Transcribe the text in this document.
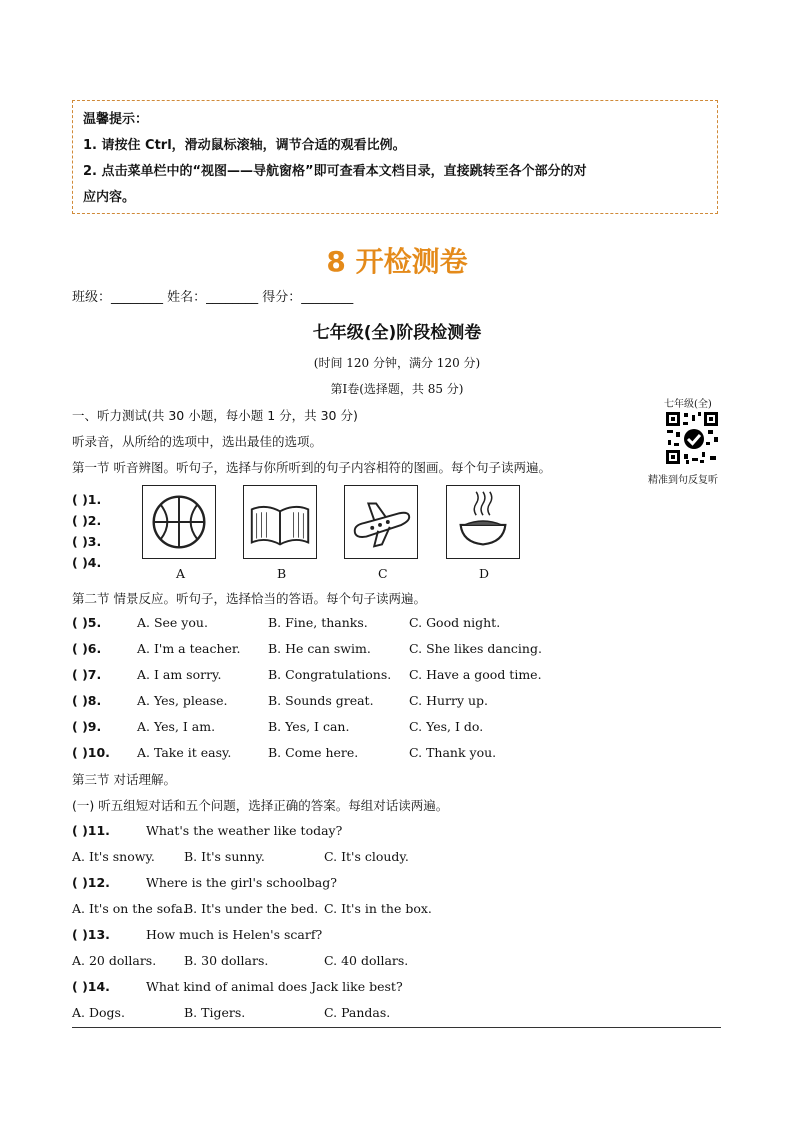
温馨提示：
1. 请按住 Ctrl，滑动鼠标滚轴，调节合适的观看比例。
2. 点击菜单栏中的“视图——导航窗格”即可查看本文档目录，直接跳转至各个部分的对
应内容。
8 开检测卷
班级：________ 姓名：________ 得分：________
七年级(全)阶段检测卷
(时间 120 分钟，满分 120 分)
第Ⅰ卷(选择题，共 85 分)
七年级(全)
精准到句反复听
一、听力测试(共 30 小题，每小题 1 分，共 30 分)
听录音，从所给的选项中，选出最佳的选项。
第一节 听音辨图。听句子，选择与你所听到的句子内容相符的图画。每个句子读两遍。
( )1.
( )2.
( )3.
( )4.
A	B	C	D
第二节 情景反应。听句子，选择恰当的答语。每个句子读两遍。
( )5.	A. See you.	B. Fine, thanks.	C. Good night.
( )6.	A. I'm a teacher. B. He can swim.	C. She likes dancing.
( )7.	A. I am sorry.	B. Congratulations. C. Have a good time.
( )8.	A. Yes, please.	B. Sounds great.	C. Hurry up.
( )9.	A. Yes, I am.	B. Yes, I can.	C. Yes, I do.
( )10. A. Take it easy.	B. Come here.	C. Thank you.
第三节 对话理解。
(一) 听五组短对话和五个问题，选择正确的答案。每组对话读两遍。
( )11.	What's the weather like today?
A. It's snowy. B. It's sunny.	C. It's cloudy.
( )12.	Where is the girl's schoolbag?
A. It's on the sofa.
B. It's under the bed. C. It's in the box.
( )13.	How much is Helen's scarf?
A. 20 dollars. B. 30 dollars.	C. 40 dollars.
( )14.	What kind of animal does Jack like best?
A. Dogs.	B. Tigers.	C. Pandas.
